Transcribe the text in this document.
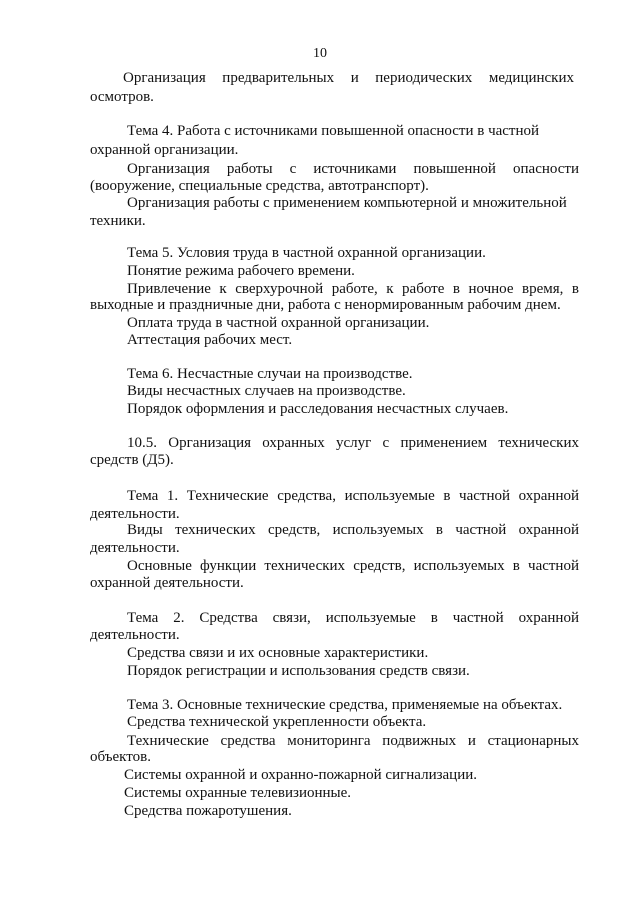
10
Организация предварительных и периодических медицинских
осмотров.
Тема 4. Работа с источниками повышенной опасности в частной
охранной организации.
Организация работы с источниками повышенной опасности
(вооружение, специальные средства, автотранспорт).
Организация работы с применением компьютерной и множительной
техники.
Тема 5. Условия труда в частной охранной организации.
Понятие режима рабочего времени.
Привлечение к сверхурочной работе, к работе в ночное время, в
выходные и праздничные дни, работа с ненормированным рабочим днем.
Оплата труда в частной охранной организации.
Аттестация рабочих мест.
Тема 6. Несчастные случаи на производстве.
Виды несчастных случаев на производстве.
Порядок оформления и расследования несчастных случаев.
10.5. Организация охранных услуг с применением технических
средств (Д5).
Тема 1. Технические средства, используемые в частной охранной
деятельности.
Виды технических средств, используемых в частной охранной
деятельности.
Основные функции технических средств, используемых в частной
охранной деятельности.
Тема 2. Средства связи, используемые в частной охранной
деятельности.
Средства связи и их основные характеристики.
Порядок регистрации и использования средств связи.
Тема 3. Основные технические средства, применяемые на объектах.
Средства технической укрепленности объекта.
Технические средства мониторинга подвижных и стационарных
объектов.
Системы охранной и охранно-пожарной сигнализации.
Системы охранные телевизионные.
Средства пожаротушения.
